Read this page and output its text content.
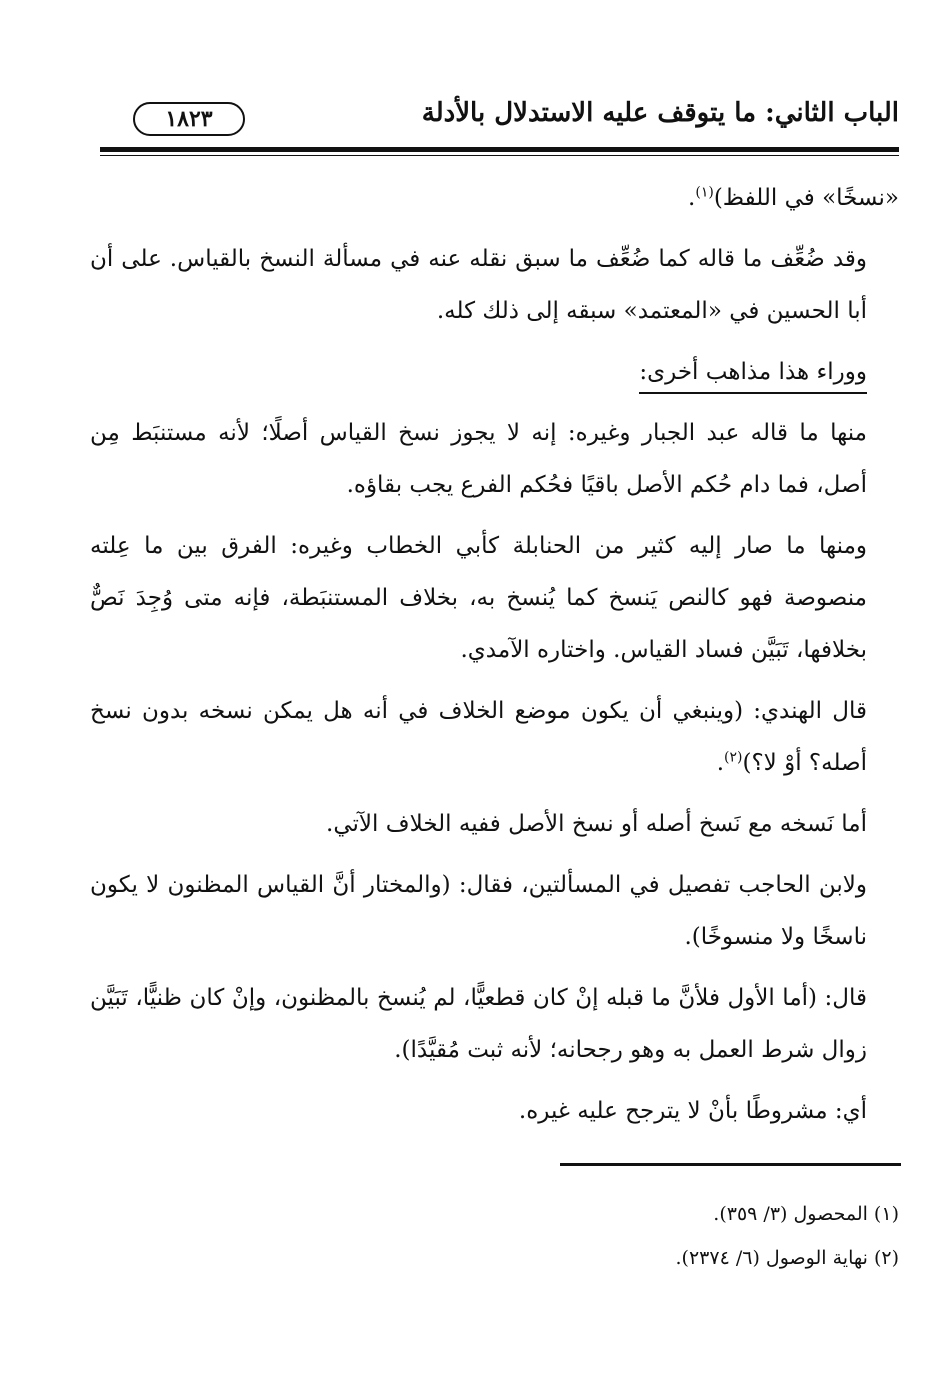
الباب الثاني: ما يتوقف عليه الاستدلال بالأدلة
١٨٢٣

«نسخًا» في اللفظ)$^{(١)}$.

وقد ضُعِّف ما قاله كما ضُعِّف ما سبق نقله عنه في مسألة النسخ بالقياس. على أن أبا الحسين في «المعتمد» سبقه إلى ذلك كله.

ووراء هذا مذاهب أخرى:

منها ما قاله عبد الجبار وغيره: إنه لا يجوز نسخ القياس أصلًا؛ لأنه مستنبَط مِن أصل، فما دام حُكم الأصل باقيًا فحُكم الفرع يجب بقاؤه.

ومنها ما صار إليه كثير من الحنابلة كأبي الخطاب وغيره: الفرق بين ما عِلته منصوصة فهو كالنص يَنسخ كما يُنسخ به، بخلاف المستنبَطة، فإنه متى وُجِدَ نَصٌّ بخلافها، تَبَيَّن فساد القياس. واختاره الآمدي.

قال الهندي: (وينبغي أن يكون موضع الخلاف في أنه هل يمكن نسخه بدون نسخ أصله؟ أوْ لا؟)$^{(٢)}$.

أما نَسخه مع نَسخ أصله أو نسخ الأصل ففيه الخلاف الآتي.

ولابن الحاجب تفصيل في المسألتين، فقال: (والمختار أنَّ القياس المظنون لا يكون ناسخًا ولا منسوخًا).

قال: (أما الأول فلأنَّ ما قبله إنْ كان قطعيًّا، لم يُنسخ بالمظنون، وإنْ كان ظنيًّا، تَبَيَّن زوال شرط العمل به وهو رجحانه؛ لأنه ثبت مُقيَّدًا).

أي: مشروطًا بأنْ لا يترجح عليه غيره.

(١) المحصول (٣/ ٣٥٩).

(٢) نهاية الوصول (٦/ ٢٣٧٤).
